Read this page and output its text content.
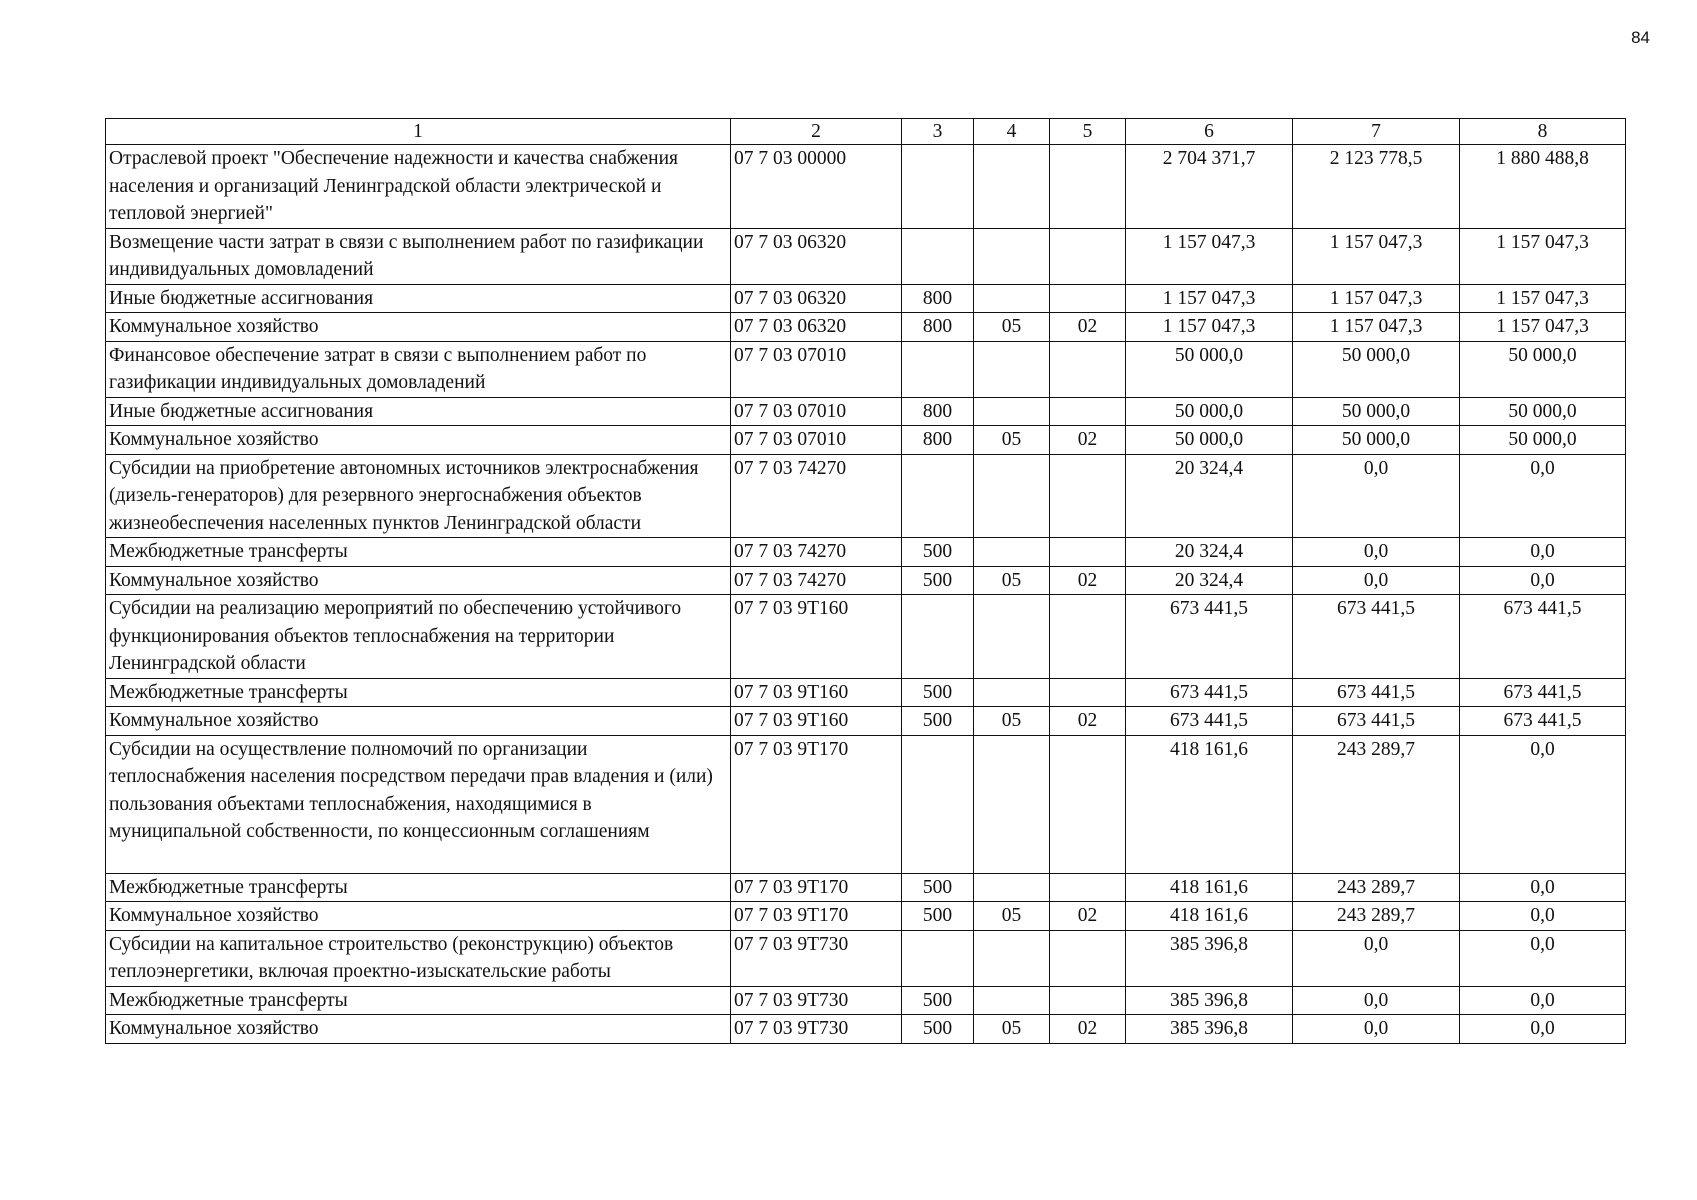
84
1	2	3	4	5	6	7	8
Отраслевой проект "Обеспечение надежности и качества снабжения населения и организаций Ленинградской области электрической и тепловой энергией"	07 7 03 00000				2 704 371,7	2 123 778,5	1 880 488,8
Возмещение части затрат в связи с выполнением работ по газификации индивидуальных домовладений	07 7 03 06320				1 157 047,3	1 157 047,3	1 157 047,3
Иные бюджетные ассигнования	07 7 03 06320	800			1 157 047,3	1 157 047,3	1 157 047,3
Коммунальное хозяйство	07 7 03 06320	800	05	02	1 157 047,3	1 157 047,3	1 157 047,3
Финансовое обеспечение затрат в связи с выполнением работ по газификации индивидуальных домовладений	07 7 03 07010				50 000,0	50 000,0	50 000,0
Иные бюджетные ассигнования	07 7 03 07010	800			50 000,0	50 000,0	50 000,0
Коммунальное хозяйство	07 7 03 07010	800	05	02	50 000,0	50 000,0	50 000,0
Субсидии на приобретение автономных источников электроснабжения (дизель-генераторов) для резервного энергоснабжения объектов жизнеобеспечения населенных пунктов Ленинградской области	07 7 03 74270				20 324,4	0,0	0,0
Межбюджетные трансферты	07 7 03 74270	500			20 324,4	0,0	0,0
Коммунальное хозяйство	07 7 03 74270	500	05	02	20 324,4	0,0	0,0
Субсидии на реализацию мероприятий по обеспечению устойчивого функционирования объектов теплоснабжения на территории Ленинградской области	07 7 03 9Т160				673 441,5	673 441,5	673 441,5
Межбюджетные трансферты	07 7 03 9Т160	500			673 441,5	673 441,5	673 441,5
Коммунальное хозяйство	07 7 03 9Т160	500	05	02	673 441,5	673 441,5	673 441,5
Субсидии на осуществление полномочий по организации теплоснабжения населения посредством передачи прав владения и (или) пользования объектами теплоснабжения, находящимися в муниципальной собственности, по концессионным соглашениям	07 7 03 9Т170				418 161,6	243 289,7	0,0
Межбюджетные трансферты	07 7 03 9Т170	500			418 161,6	243 289,7	0,0
Коммунальное хозяйство	07 7 03 9Т170	500	05	02	418 161,6	243 289,7	0,0
Субсидии на капитальное строительство (реконструкцию) объектов теплоэнергетики, включая проектно-изыскательские работы	07 7 03 9Т730				385 396,8	0,0	0,0
Межбюджетные трансферты	07 7 03 9Т730	500			385 396,8	0,0	0,0
Коммунальное хозяйство	07 7 03 9Т730	500	05	02	385 396,8	0,0	0,0
